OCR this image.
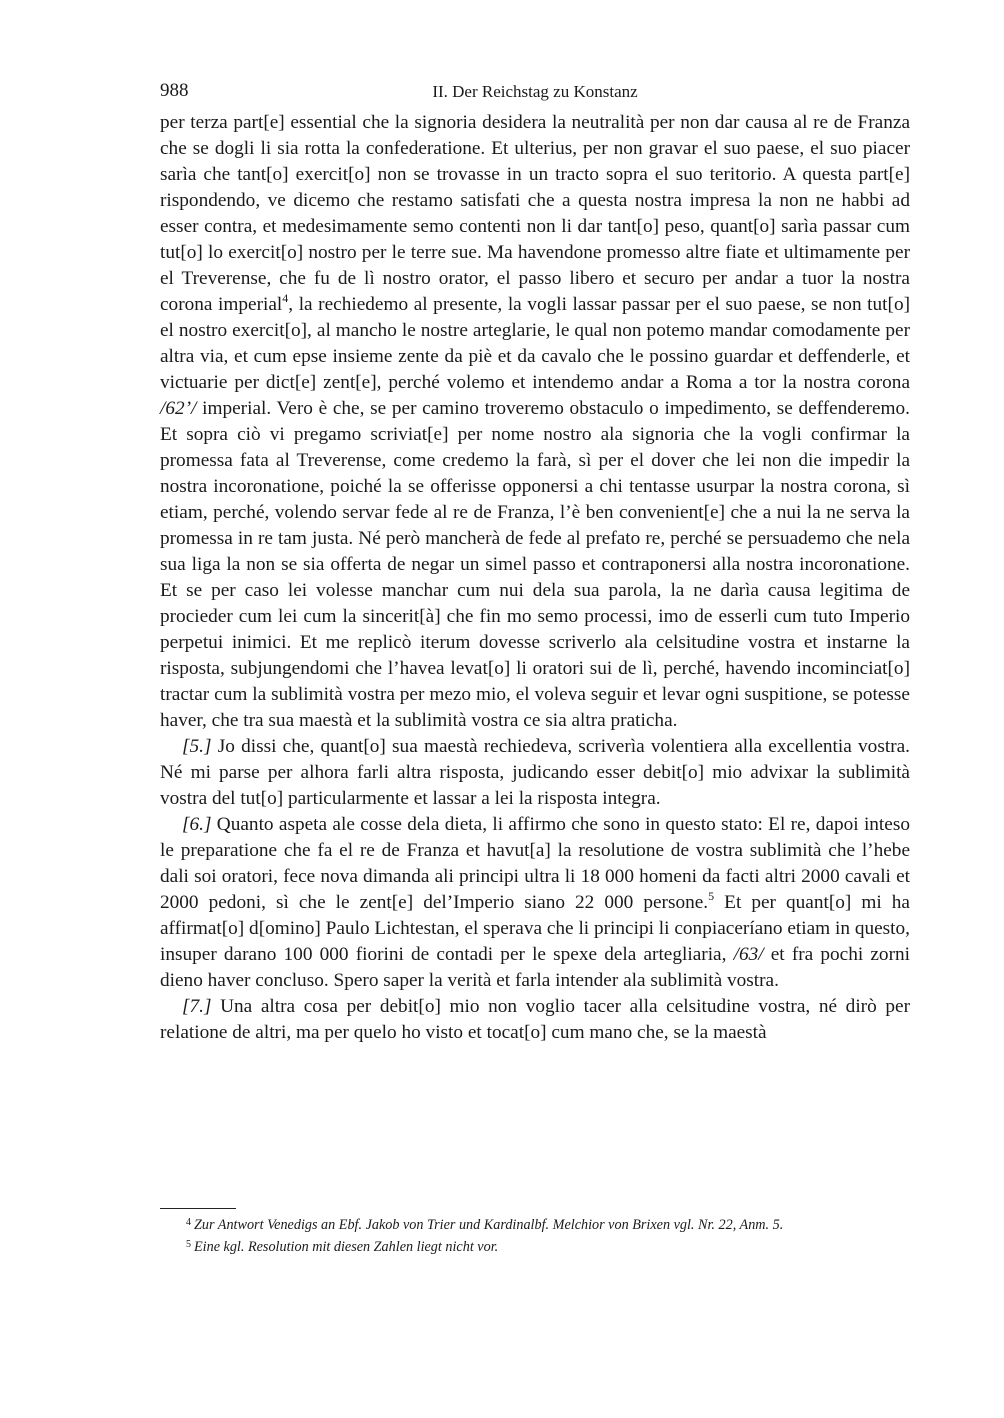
988	II. Der Reichstag zu Konstanz

per terza part[e] essential che la signoria desidera la neutralità per non dar causa al re de Franza che se dogli li sia rotta la confederatione. Et ulterius, per non gravar el suo paese, el suo piacer sarìa che tant[o] exercit[o] non se trovasse in un tracto sopra el suo teritorio. A questa part[e] rispondendo, ve dicemo che restamo satisfati che a questa nostra impresa la non ne habbi ad esser contra, et medesimamente semo contenti non li dar tant[o] peso, quant[o] sarìa passar cum tut[o] lo exercit[o] nostro per le terre sue. Ma havendone promesso altre fiate et ultimamente per el Treverense, che fu de lì nostro orator, el passo libero et securo per andar a tuor la nostra corona imperial$^4$, la rechiedemo al presente, la vogli lassar passar per el suo paese, se non tut[o] el nostro exercit[o], al mancho le nostre arteglarie, le qual non potemo mandar comodamente per altra via, et cum epse insieme zente da piè et da cavalo che le possino guardar et deffenderle, et victuarie per dict[e] zent[e], perché volemo et intendemo andar a Roma a tor la nostra corona /62’/ imperial. Vero è che, se per camino troveremo obstaculo o impedimento, se deffenderemo. Et sopra ciò vi pregamo scriviat[e] per nome nostro ala signoria che la vogli confirmar la promessa fata al Treverense, come credemo la farà, sì per el dover che lei non die impedir la nostra incoronatione, poiché la se offerisse opponersi a chi tentasse usurpar la nostra corona, sì etiam, perché, volendo servar fede al re de Franza, l’è ben convenient[e] che a nui la ne serva la promessa in re tam justa. Né però mancherà de fede al prefato re, perché se persuademo che nela sua liga la non se sia offerta de negar un simel passo et contraponersi alla nostra incoronatione. Et se per caso lei volesse manchar cum nui dela sua parola, la ne darìa causa legitima de procieder cum lei cum la sincerit[à] che fin mo semo processi, imo de esserli cum tuto Imperio perpetui inimici. Et me replicò iterum dovesse scriverlo ala celsitudine vostra et instarne la risposta, subjungendomi che l’havea levat[o] li oratori sui de lì, perché, havendo incominciat[o] tractar cum la sublimità vostra per mezo mio, el voleva seguir et levar ogni suspitione, se potesse haver, che tra sua maestà et la sublimità vostra ce sia altra praticha.

[5.] Jo dissi che, quant[o] sua maestà rechiedeva, scriverìa volentiera alla excellentia vostra. Né mi parse per alhora farli altra risposta, judicando esser debit[o] mio advixar la sublimità vostra del tut[o] particularmente et lassar a lei la risposta integra.

[6.] Quanto aspeta ale cosse dela dieta, li affirmo che sono in questo stato: El re, dapoi inteso le preparatione che fa el re de Franza et havut[a] la resolutione de vostra sublimità che l’hebe dali soi oratori, fece nova dimanda ali principi ultra li 18 000 homeni da facti altri 2000 cavali et 2000 pedoni, sì che le zent[e] del’Imperio siano 22 000 persone.$^5$ Et per quant[o] mi ha affirmat[o] d[omino] Paulo Lichtestan, el sperava che li principi li conpiaceríano etiam in questo, insuper darano 100 000 fiorini de contadi per le spexe dela artegliaria, /63/ et fra pochi zorni dieno haver concluso. Spero saper la verità et farla intender ala sublimità vostra.

[7.] Una altra cosa per debit[o] mio non voglio tacer alla celsitudine vostra, né dirò per relatione de altri, ma per quelo ho visto et tocat[o] cum mano che, se la maestà

$^4$ Zur Antwort Venedigs an Ebf. Jakob von Trier und Kardinalbf. Melchior von Brixen vgl. Nr. 22, Anm. 5.
$^5$ Eine kgl. Resolution mit diesen Zahlen liegt nicht vor.
